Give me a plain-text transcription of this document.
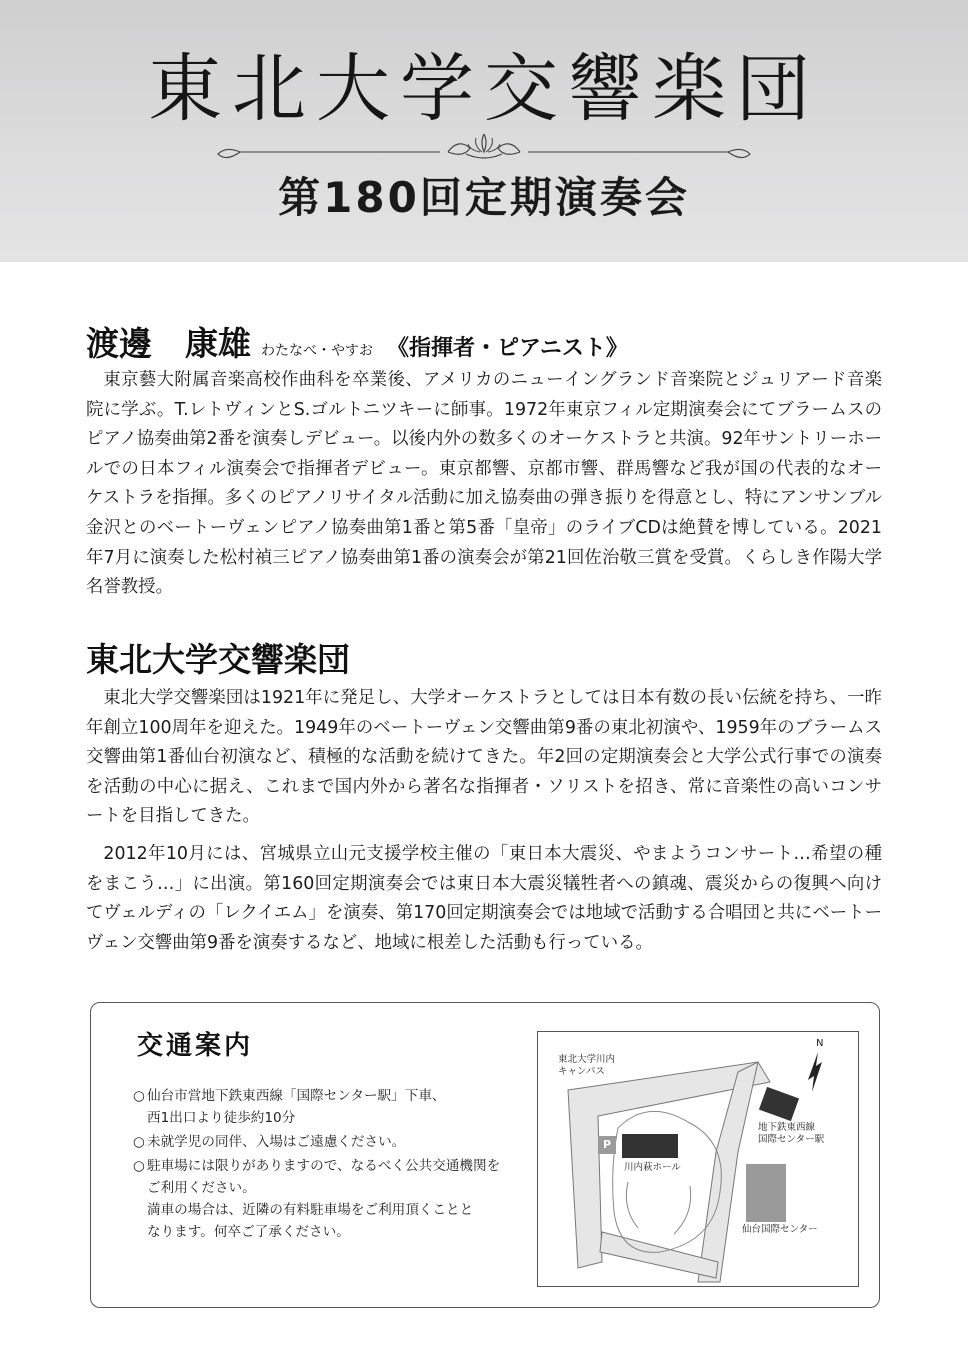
東北大学交響楽団
第180回定期演奏会
渡邊　康雄 わたなべ・やすお 《指揮者・ピアニスト》

東京藝大附属音楽高校作曲科を卒業後、アメリカのニューイングランド音楽院とジュリアード音楽院に学ぶ。T.レトヴィンとS.ゴルトニツキーに師事。1972年東京フィル定期演奏会にてブラームスのピアノ協奏曲第2番を演奏しデビュー。以後内外の数多くのオーケストラと共演。92年サントリーホールでの日本フィル演奏会で指揮者デビュー。東京都響、京都市響、群馬響など我が国の代表的なオーケストラを指揮。多くのピアノリサイタル活動に加え協奏曲の弾き振りを得意とし、特にアンサンブル金沢とのベートーヴェンピアノ協奏曲第1番と第5番「皇帝」のライブCDは絶賛を博している。2021年7月に演奏した松村禎三ピアノ協奏曲第1番の演奏会が第21回佐治敬三賞を受賞。くらしき作陽大学名誉教授。

東北大学交響楽団

東北大学交響楽団は1921年に発足し、大学オーケストラとしては日本有数の長い伝統を持ち、一昨年創立100周年を迎えた。1949年のベートーヴェン交響曲第9番の東北初演や、1959年のブラームス交響曲第1番仙台初演など、積極的な活動を続けてきた。年2回の定期演奏会と大学公式行事での演奏を活動の中心に据え、これまで国内外から著名な指揮者・ソリストを招き、常に音楽性の高いコンサートを目指してきた。

2012年10月には、宮城県立山元支援学校主催の「東日本大震災、やまようコンサート…希望の種をまこう…」に出演。第160回定期演奏会では東日本大震災犠牲者への鎮魂、震災からの復興へ向けてヴェルディの「レクイエム」を演奏、第170回定期演奏会では地域で活動する合唱団と共にベートーヴェン交響曲第9番を演奏するなど、地域に根差した活動も行っている。

交通案内
○ 仙台市営地下鉄東西線「国際センター駅」下車、
西1出口より徒歩約10分
○ 未就学児の同伴、入場はご遠慮ください。
○ 駐車場には限りがありますので、なるべく公共交通機関を
ご利用ください。
満車の場合は、近隣の有料駐車場をご利用頂くことと
なります。何卒ご了承ください。
東北大学川内
キャンパス
地下鉄東西線
国際センター駅
川内萩ホール
仙台国際センター
P
N
